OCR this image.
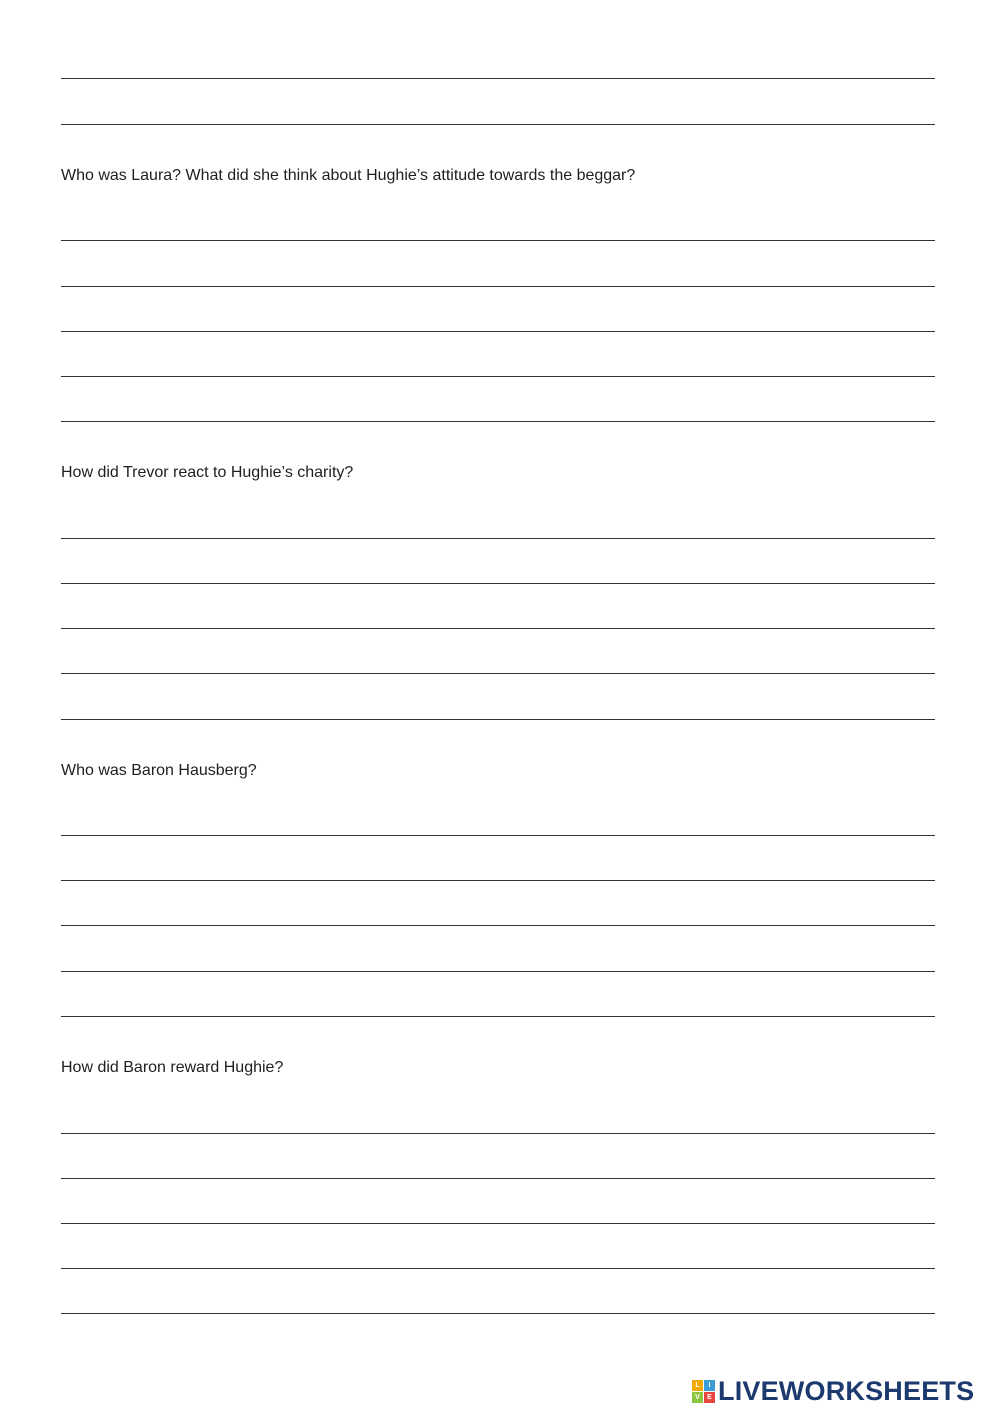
Who was Laura? What did she think about Hughie’s attitude towards the beggar?
How did Trevor react to Hughie’s charity?
Who was Baron Hausberg?
How did Baron reward Hughie?
L	I
V	E LIVEWORKSHEETS
